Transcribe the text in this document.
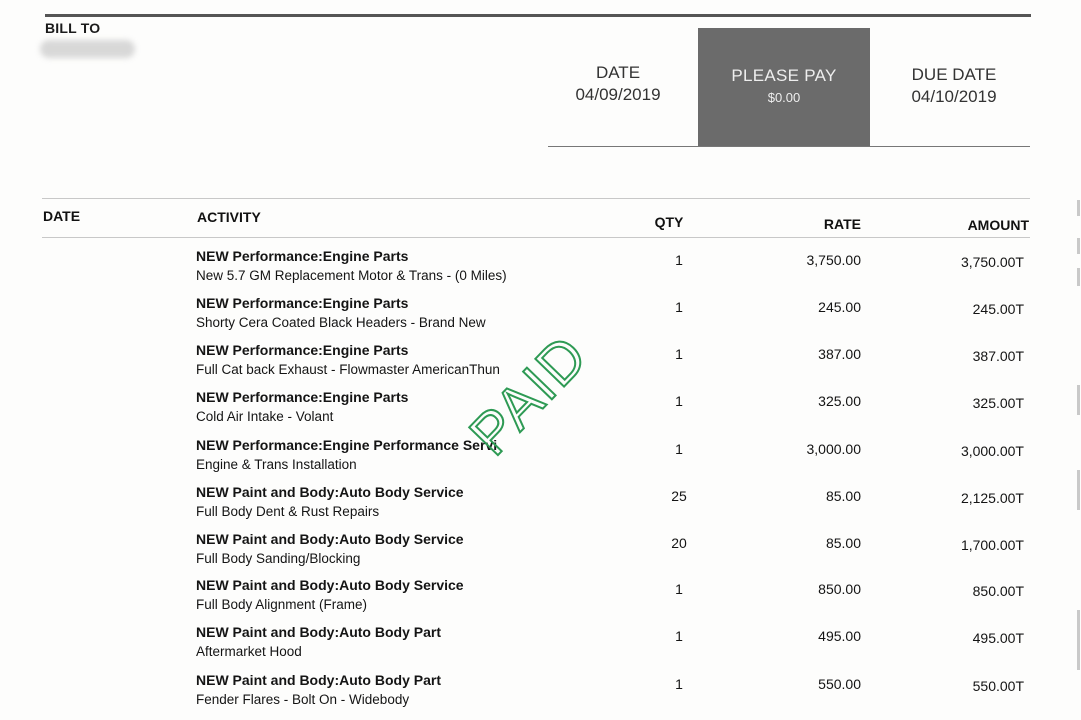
BILL TO
DATE
04/09/2019
PLEASE PAY
$0.00
DUE DATE
04/10/2019
DATE	ACTIVITY	QTY	RATE	AMOUNT
NEW Performance:Engine Parts
New 5.7 GM Replacement Motor & Trans - (0 Miles)
1	3,750.00	3,750.00T
NEW Performance:Engine Parts
Shorty Cera Coated Black Headers - Brand New
1	245.00	245.00T
NEW Performance:Engine Parts
Full Cat back Exhaust - Flowmaster AmericanThun
1	387.00	387.00T
NEW Performance:Engine Parts
Cold Air Intake - Volant
1	325.00	325.00T
NEW Performance:Engine Performance Servi
Engine & Trans Installation
1	3,000.00	3,000.00T
NEW Paint and Body:Auto Body Service
Full Body Dent & Rust Repairs
25	85.00	2,125.00T
NEW Paint and Body:Auto Body Service
Full Body Sanding/Blocking
20	85.00	1,700.00T
NEW Paint and Body:Auto Body Service
Full Body Alignment (Frame)
1	850.00	850.00T
NEW Paint and Body:Auto Body Part
Aftermarket Hood
1	495.00	495.00T
NEW Paint and Body:Auto Body Part
Fender Flares - Bolt On - Widebody
1	550.00	550.00T
PAID
